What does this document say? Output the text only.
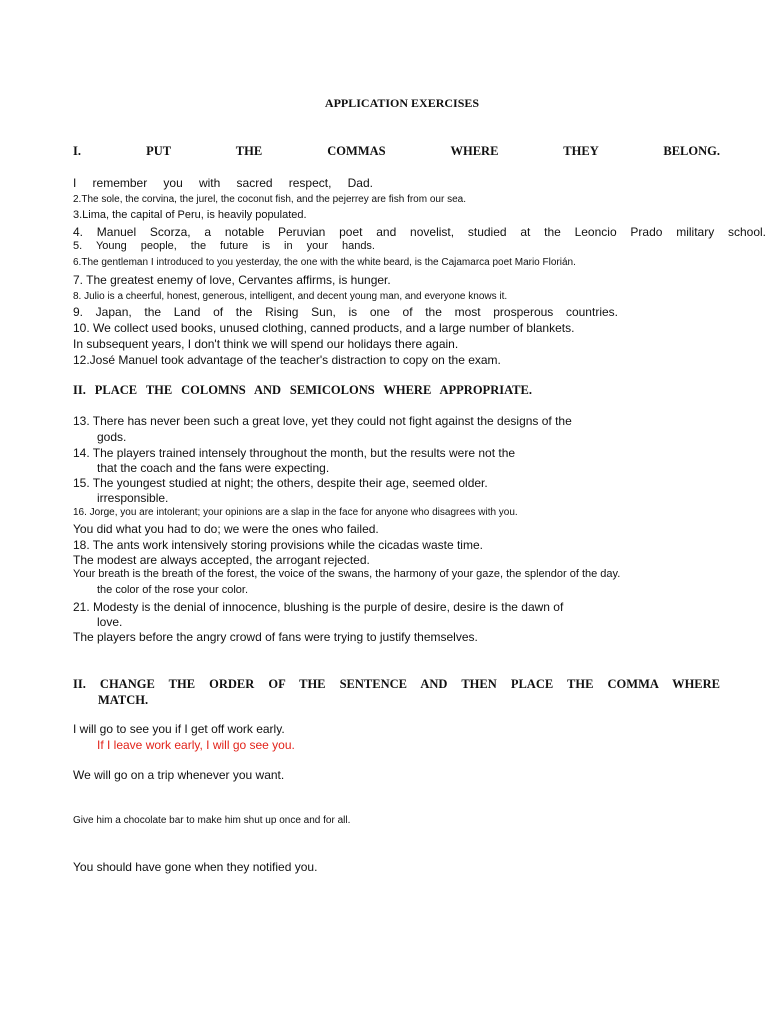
APPLICATION EXERCISES
I. PUT THE COMMAS WHERE THEY BELONG.
I remember you with sacred respect, Dad.
2.The sole, the corvina, the jurel, the coconut fish, and the pejerrey are fish from our sea.
3.Lima, the capital of Peru, is heavily populated.
4. Manuel Scorza, a notable Peruvian poet and novelist, studied at the Leoncio Prado military school.
5. Young people, the future is in your hands.
6.The gentleman I introduced to you yesterday, the one with the white beard, is the Cajamarca poet Mario Florián.
7. The greatest enemy of love, Cervantes affirms, is hunger.
8. Julio is a cheerful, honest, generous, intelligent, and decent young man, and everyone knows it.
9. Japan, the Land of the Rising Sun, is one of the most prosperous countries.
10. We collect used books, unused clothing, canned products, and a large number of blankets.
In subsequent years, I don't think we will spend our holidays there again.
12.José Manuel took advantage of the teacher's distraction to copy on the exam.
II. PLACE THE COLOMNS AND SEMICOLONS WHERE APPROPRIATE.
13. There has never been such a great love, yet they could not fight against the designs of the
gods.
14. The players trained intensely throughout the month, but the results were not the
that the coach and the fans were expecting.
15. The youngest studied at night; the others, despite their age, seemed older.
irresponsible.
16. Jorge, you are intolerant; your opinions are a slap in the face for anyone who disagrees with you.
You did what you had to do; we were the ones who failed.
18. The ants work intensively storing provisions while the cicadas waste time.
The modest are always accepted, the arrogant rejected.
Your breath is the breath of the forest, the voice of the swans, the harmony of your gaze, the splendor of the day.
the color of the rose your color.
21. Modesty is the denial of innocence, blushing is the purple of desire, desire is the dawn of
love.
The players before the angry crowd of fans were trying to justify themselves.
II. CHANGE THE ORDER OF THE SENTENCE AND THEN PLACE THE COMMA WHERE
MATCH.
I will go to see you if I get off work early.
If I leave work early, I will go see you.
We will go on a trip whenever you want.
Give him a chocolate bar to make him shut up once and for all.
You should have gone when they notified you.
